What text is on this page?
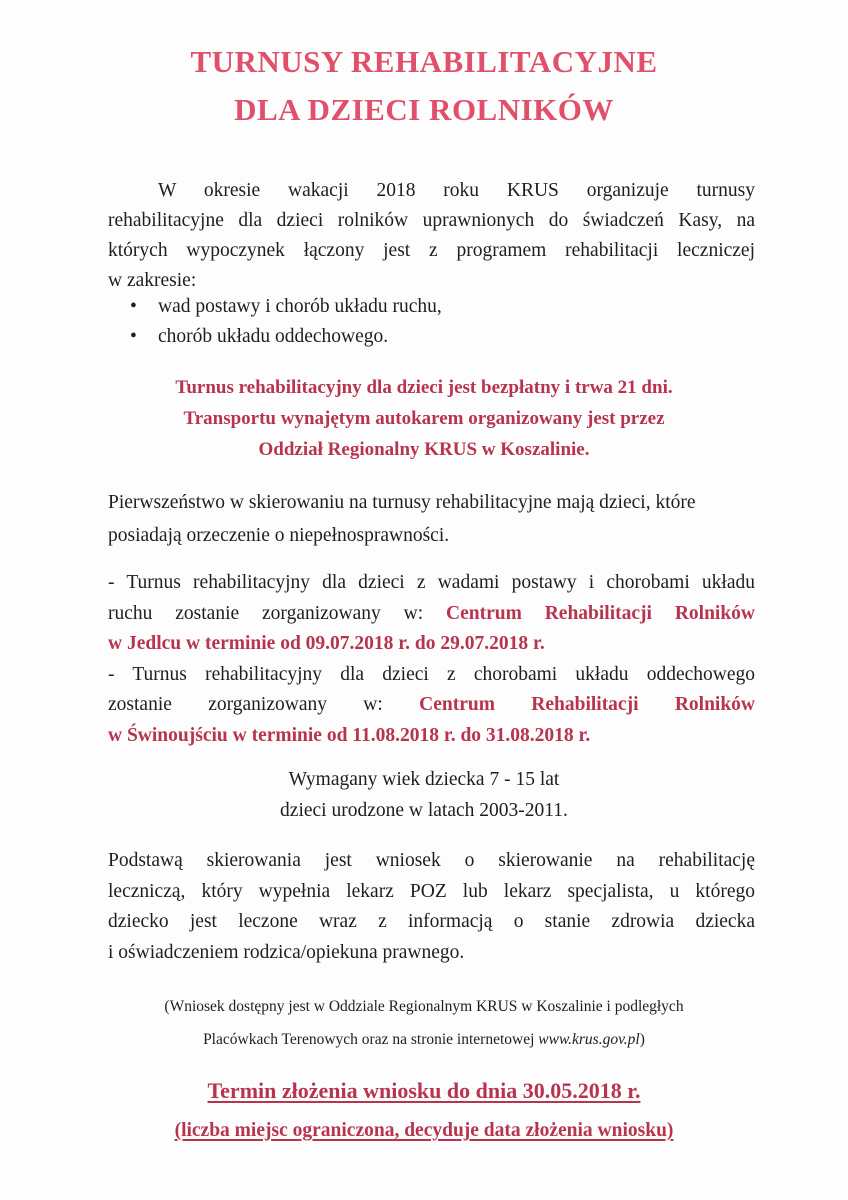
TURNUSY REHABILITACYJNE
DLA DZIECI ROLNIKÓW
W okresie wakacji 2018 roku KRUS organizuje turnusy
rehabilitacyjne dla dzieci rolników uprawnionych do świadczeń Kasy, na
których wypoczynek łączony jest z programem rehabilitacji leczniczej
w zakresie:
• wad postawy i chorób układu ruchu,
• chorób układu oddechowego.
Turnus rehabilitacyjny dla dzieci jest bezpłatny i trwa 21 dni.
Transportu wynajętym autokarem organizowany jest przez
Oddział Regionalny KRUS w Koszalinie.
Pierwszeństwo w skierowaniu na turnusy rehabilitacyjne mają dzieci, które
posiadają orzeczenie o niepełnosprawności.
- Turnus rehabilitacyjny dla dzieci z wadami postawy i chorobami układu
ruchu zostanie zorganizowany w: Centrum Rehabilitacji Rolników
w Jedlcu w terminie od 09.07.2018 r. do 29.07.2018 r.
- Turnus rehabilitacyjny dla dzieci z chorobami układu oddechowego
zostanie zorganizowany w: Centrum Rehabilitacji Rolników
w Świnoujściu w terminie od 11.08.2018 r. do 31.08.2018 r.
Wymagany wiek dziecka 7 - 15 lat
dzieci urodzone w latach 2003-2011.
Podstawą skierowania jest wniosek o skierowanie na rehabilitację
leczniczą, który wypełnia lekarz POZ lub lekarz specjalista, u którego
dziecko jest leczone wraz z informacją o stanie zdrowia dziecka
i oświadczeniem rodzica/opiekuna prawnego.
(Wniosek dostępny jest w Oddziale Regionalnym KRUS w Koszalinie i podległych
Placówkach Terenowych oraz na stronie internetowej www.krus.gov.pl)
Termin złożenia wniosku do dnia 30.05.2018 r.
(liczba miejsc ograniczona, decyduje data złożenia wniosku)
